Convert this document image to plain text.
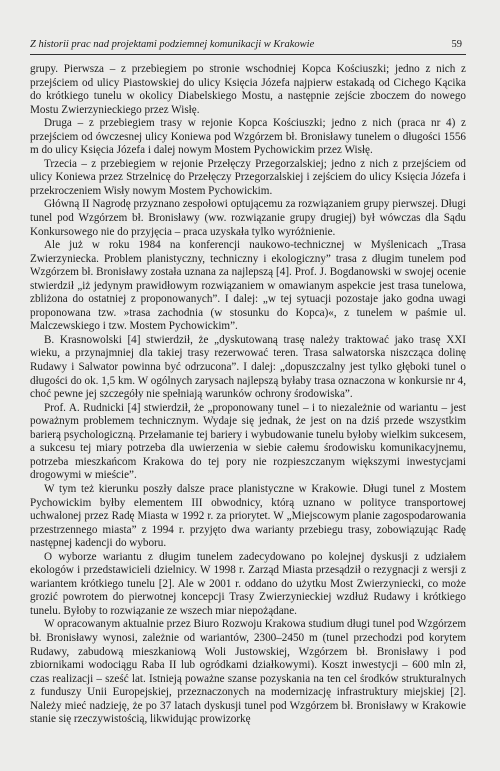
Z historii prac nad projektami podziemnej komunikacji w Krakowie	59

grupy. Pierwsza – z przebiegiem po stronie wschodniej Kopca Kościuszki; jedno z nich z przejściem od ulicy Piastowskiej do ulicy Księcia Józefa najpierw estakadą od Cichego Kącika do krótkiego tunelu w okolicy Diabelskiego Mostu, a następnie zejście zboczem do nowego Mostu Zwierzynieckiego przez Wisłę.

Druga – z przebiegiem trasy w rejonie Kopca Kościuszki; jedno z nich (praca nr 4) z przejściem od ówczesnej ulicy Koniewa pod Wzgórzem bł. Bronisławy tunelem o długości 1556 m do ulicy Księcia Józefa i dalej nowym Mostem Pychowickim przez Wisłę.

Trzecia – z przebiegiem w rejonie Przełęczy Przegorzalskiej; jedno z nich z przejściem od ulicy Koniewa przez Strzelnicę do Przełęczy Przegorzalskiej i zejściem do ulicy Księcia Józefa i przekroczeniem Wisły nowym Mostem Pychowickim.

Główną II Nagrodę przyznano zespołowi optującemu za rozwiązaniem grupy pierwszej. Długi tunel pod Wzgórzem bł. Bronisławy (ww. rozwiązanie grupy drugiej) był wówczas dla Sądu Konkursowego nie do przyjęcia – praca uzyskała tylko wyróżnienie.

Ale już w roku 1984 na konferencji naukowo-technicznej w Myślenicach „Trasa Zwierzyniecka. Problem planistyczny, techniczny i ekologiczny” trasa z długim tunelem pod Wzgórzem bł. Bronisławy została uznana za najlepszą [4]. Prof. J. Bogdanowski w swojej ocenie stwierdził „iż jedynym prawidłowym rozwiązaniem w omawianym aspekcie jest trasa tunelowa, zbliżona do ostatniej z proponowanych”. I dalej: „w tej sytuacji pozostaje jako godna uwagi proponowana tzw. »trasa zachodnia (w stosunku do Kopca)«, z tunelem w paśmie ul. Malczewskiego i tzw. Mostem Pychowickim”.

B. Krasnowolski [4] stwierdził, że „dyskutowaną trasę należy traktować jako trasę XXI wieku, a przynajmniej dla takiej trasy rezerwować teren. Trasa salwatorska niszcząca dolinę Rudawy i Salwator powinna być odrzucona”. I dalej: „dopuszczalny jest tylko głęboki tunel o długości do ok. 1,5 km. W ogólnych zarysach najlepszą byłaby trasa oznaczona w konkursie nr 4, choć pewne jej szczegóły nie spełniają warunków ochrony środowiska”.

Prof. A. Rudnicki [4] stwierdził, że „proponowany tunel – i to niezależnie od wariantu – jest poważnym problemem technicznym. Wydaje się jednak, że jest on na dziś przede wszystkim barierą psychologiczną. Przełamanie tej bariery i wybudowanie tunelu byłoby wielkim sukcesem, a sukcesu tej miary potrzeba dla uwierzenia w siebie całemu środowisku komunikacyjnemu, potrzeba mieszkańcom Krakowa do tej pory nie rozpieszczanym większymi inwestycjami drogowymi w mieście”.

W tym też kierunku poszły dalsze prace planistyczne w Krakowie. Długi tunel z Mostem Pychowickim byłby elementem III obwodnicy, którą uznano w polityce transportowej uchwalonej przez Radę Miasta w 1992 r. za priorytet. W „Miejscowym planie zagospodarowania przestrzennego miasta” z 1994 r. przyjęto dwa warianty przebiegu trasy, zobowiązując Radę następnej kadencji do wyboru.

O wyborze wariantu z długim tunelem zadecydowano po kolejnej dyskusji z udziałem ekologów i przedstawicieli dzielnicy. W 1998 r. Zarząd Miasta przesądził o rezygnacji z wersji z wariantem krótkiego tunelu [2]. Ale w 2001 r. oddano do użytku Most Zwierzyniecki, co może grozić powrotem do pierwotnej koncepcji Trasy Zwierzynieckiej wzdłuż Rudawy i krótkiego tunelu. Byłoby to rozwiązanie ze wszech miar niepożądane.

W opracowanym aktualnie przez Biuro Rozwoju Krakowa studium długi tunel pod Wzgórzem bł. Bronisławy wynosi, zależnie od wariantów, 2300–2450 m (tunel przechodzi pod korytem Rudawy, zabudową mieszkaniową Woli Justowskiej, Wzgórzem bł. Bronisławy i pod zbiornikami wodociągu Raba II lub ogródkami działkowymi). Koszt inwestycji – 600 mln zł, czas realizacji – sześć lat. Istnieją poważne szanse pozyskania na ten cel środków strukturalnych z funduszy Unii Europejskiej, przeznaczonych na modernizację infrastruktury miejskiej [2]. Należy mieć nadzieję, że po 37 latach dyskusji tunel pod Wzgórzem bł. Bronisławy w Krakowie stanie się rzeczywistością, likwidując prowizorkę
